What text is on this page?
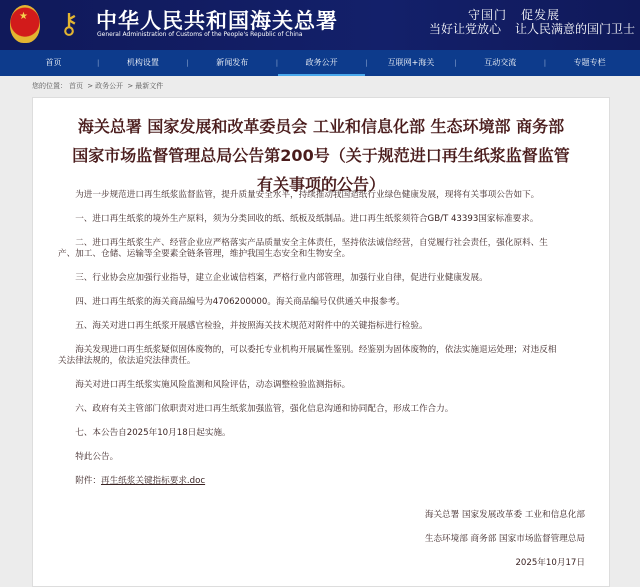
★ ⚷ 中华人民共和国海关总署
General Administration of Customs of the People's Republic of China
守国门 促发展
当好让党放心 让人民满意的国门卫士
首页	|	机构设置	|	新闻发布	|	政务公开	|	互联网+海关	|	互动交流	|	专题专栏
您的位置： 首页 > 政务公开 > 最新文件
海关总署 国家发展和改革委员会 工业和信息化部 生态环境部 商务部 国家市场监督管理总局公告第200号（关于规范进口再生纸浆监督监管有关事项的公告）

为进一步规范进口再生纸浆监督监管，提升质量安全水平，持续推动我国造纸行业绿色健康发展，现将有关事项公告如下。

一、进口再生纸浆的境外生产原料，须为分类回收的纸、纸板及纸制品。进口再生纸浆须符合GB/T 43393国家标准要求。

二、进口再生纸浆生产、经营企业应严格落实产品质量安全主体责任，坚持依法诚信经营，自觉履行社会责任，强化原料、生产、加工、仓储、运输等全要素全链条管理，维护我国生态安全和生物安全。

三、行业协会应加强行业指导，建立企业诚信档案，严格行业内部管理，加强行业自律，促进行业健康发展。

四、进口再生纸浆的海关商品编号为4706200000。海关商品编号仅供通关申报参考。

五、海关对进口再生纸浆开展感官检验，并按照海关技术规范对附件中的关键指标进行检验。

海关发现进口再生纸浆疑似固体废物的，可以委托专业机构开展属性鉴别。经鉴别为固体废物的，依法实施退运处理；对违反相关法律法规的，依法追究法律责任。

海关对进口再生纸浆实施风险监测和风险评估，动态调整检验监测指标。

六、政府有关主管部门依职责对进口再生纸浆加强监管，强化信息沟通和协同配合，形成工作合力。

七、本公告自2025年10月18日起实施。

特此公告。

附件：再生纸浆关键指标要求.doc

海关总署 国家发展改革委 工业和信息化部
生态环境部 商务部 国家市场监督管理总局
2025年10月17日
